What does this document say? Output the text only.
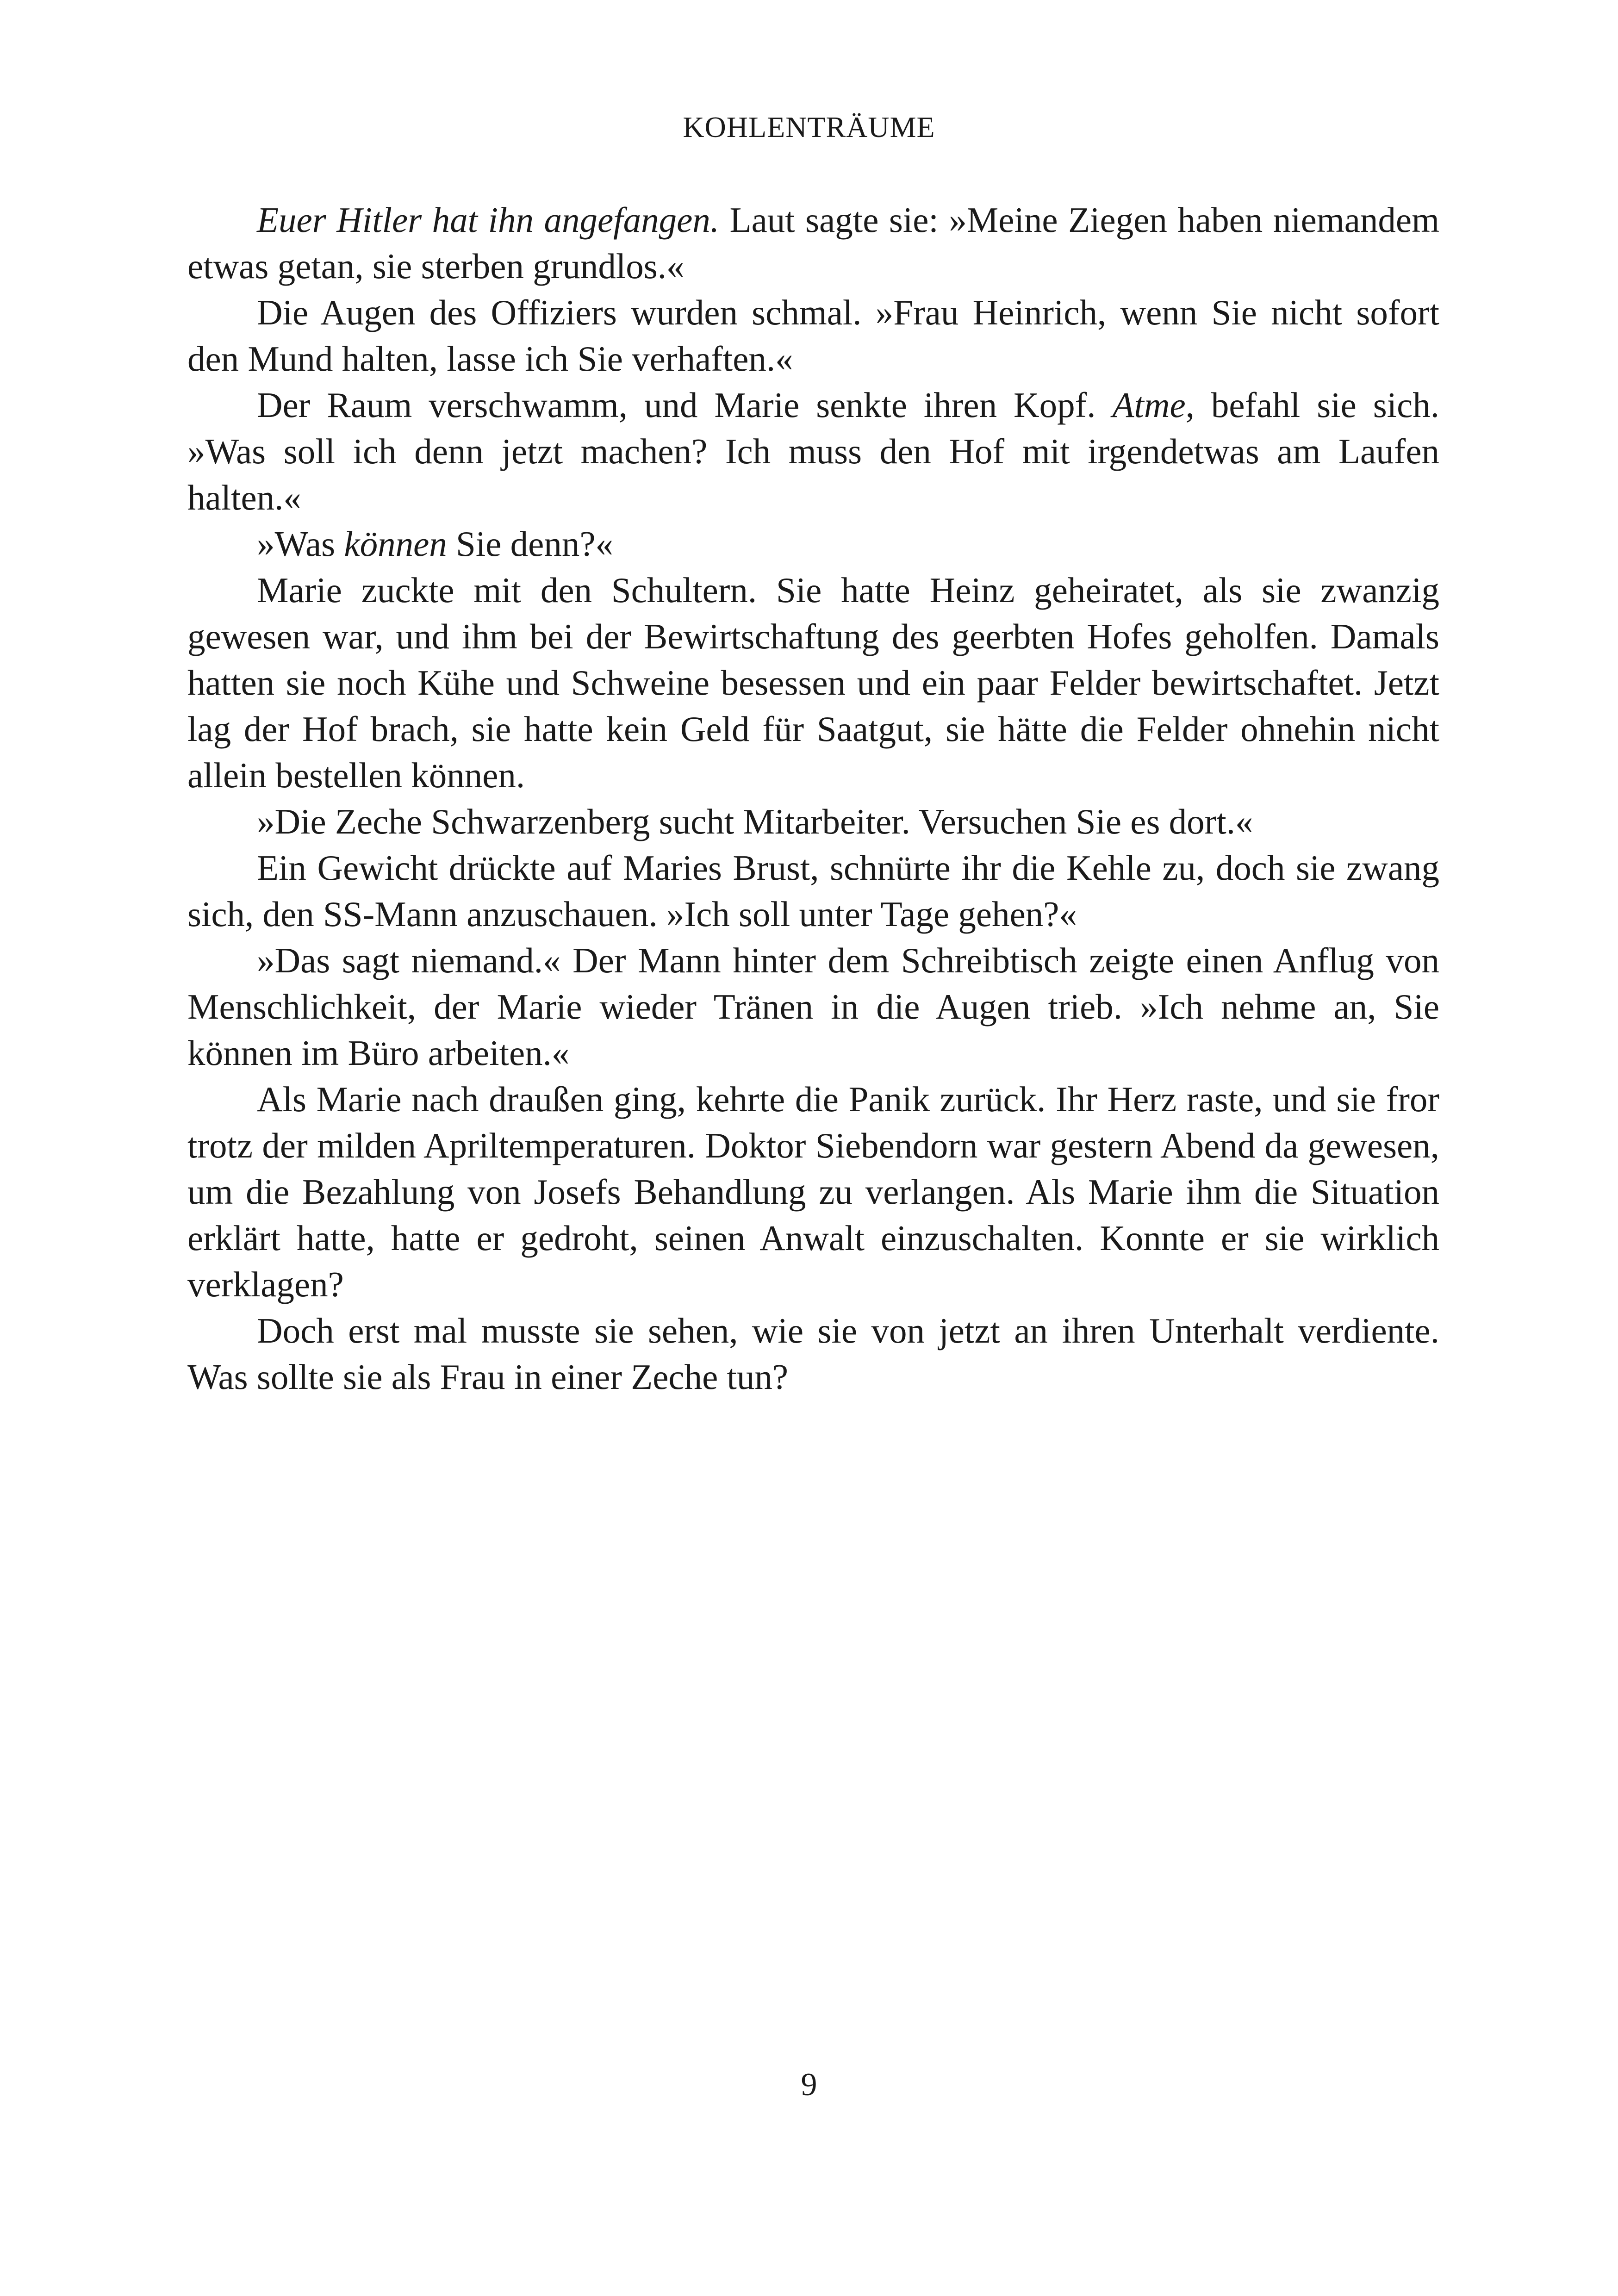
KOHLENTRÄUME

Euer Hitler hat ihn angefangen. Laut sagte sie: »Meine Ziegen haben niemandem etwas getan, sie sterben grundlos.«

Die Augen des Offiziers wurden schmal. »Frau Heinrich, wenn Sie nicht sofort den Mund halten, lasse ich Sie verhaften.«

Der Raum verschwamm, und Marie senkte ihren Kopf. Atme, befahl sie sich. »Was soll ich denn jetzt machen? Ich muss den Hof mit irgendetwas am Laufen halten.«

»Was können Sie denn?«

Marie zuckte mit den Schultern. Sie hatte Heinz geheiratet, als sie zwanzig gewesen war, und ihm bei der Bewirtschaftung des geerbten Hofes geholfen. Damals hatten sie noch Kühe und Schweine besessen und ein paar Felder bewirtschaftet. Jetzt lag der Hof brach, sie hatte kein Geld für Saatgut, sie hätte die Felder ohnehin nicht allein bestellen können.

»Die Zeche Schwarzenberg sucht Mitarbeiter. Versuchen Sie es dort.«

Ein Gewicht drückte auf Maries Brust, schnürte ihr die Kehle zu, doch sie zwang sich, den SS-Mann anzuschauen. »Ich soll unter Tage gehen?«

»Das sagt niemand.« Der Mann hinter dem Schreibtisch zeigte einen Anflug von Menschlichkeit, der Marie wieder Tränen in die Augen trieb. »Ich nehme an, Sie können im Büro arbeiten.«

Als Marie nach draußen ging, kehrte die Panik zurück. Ihr Herz raste, und sie fror trotz der milden Apriltemperaturen. Doktor Siebendorn war gestern Abend da gewesen, um die Bezahlung von Josefs Behandlung zu verlangen. Als Marie ihm die Situation erklärt hatte, hatte er gedroht, seinen Anwalt einzuschalten. Konnte er sie wirklich verklagen?

Doch erst mal musste sie sehen, wie sie von jetzt an ihren Unterhalt verdiente. Was sollte sie als Frau in einer Zeche tun?

9
